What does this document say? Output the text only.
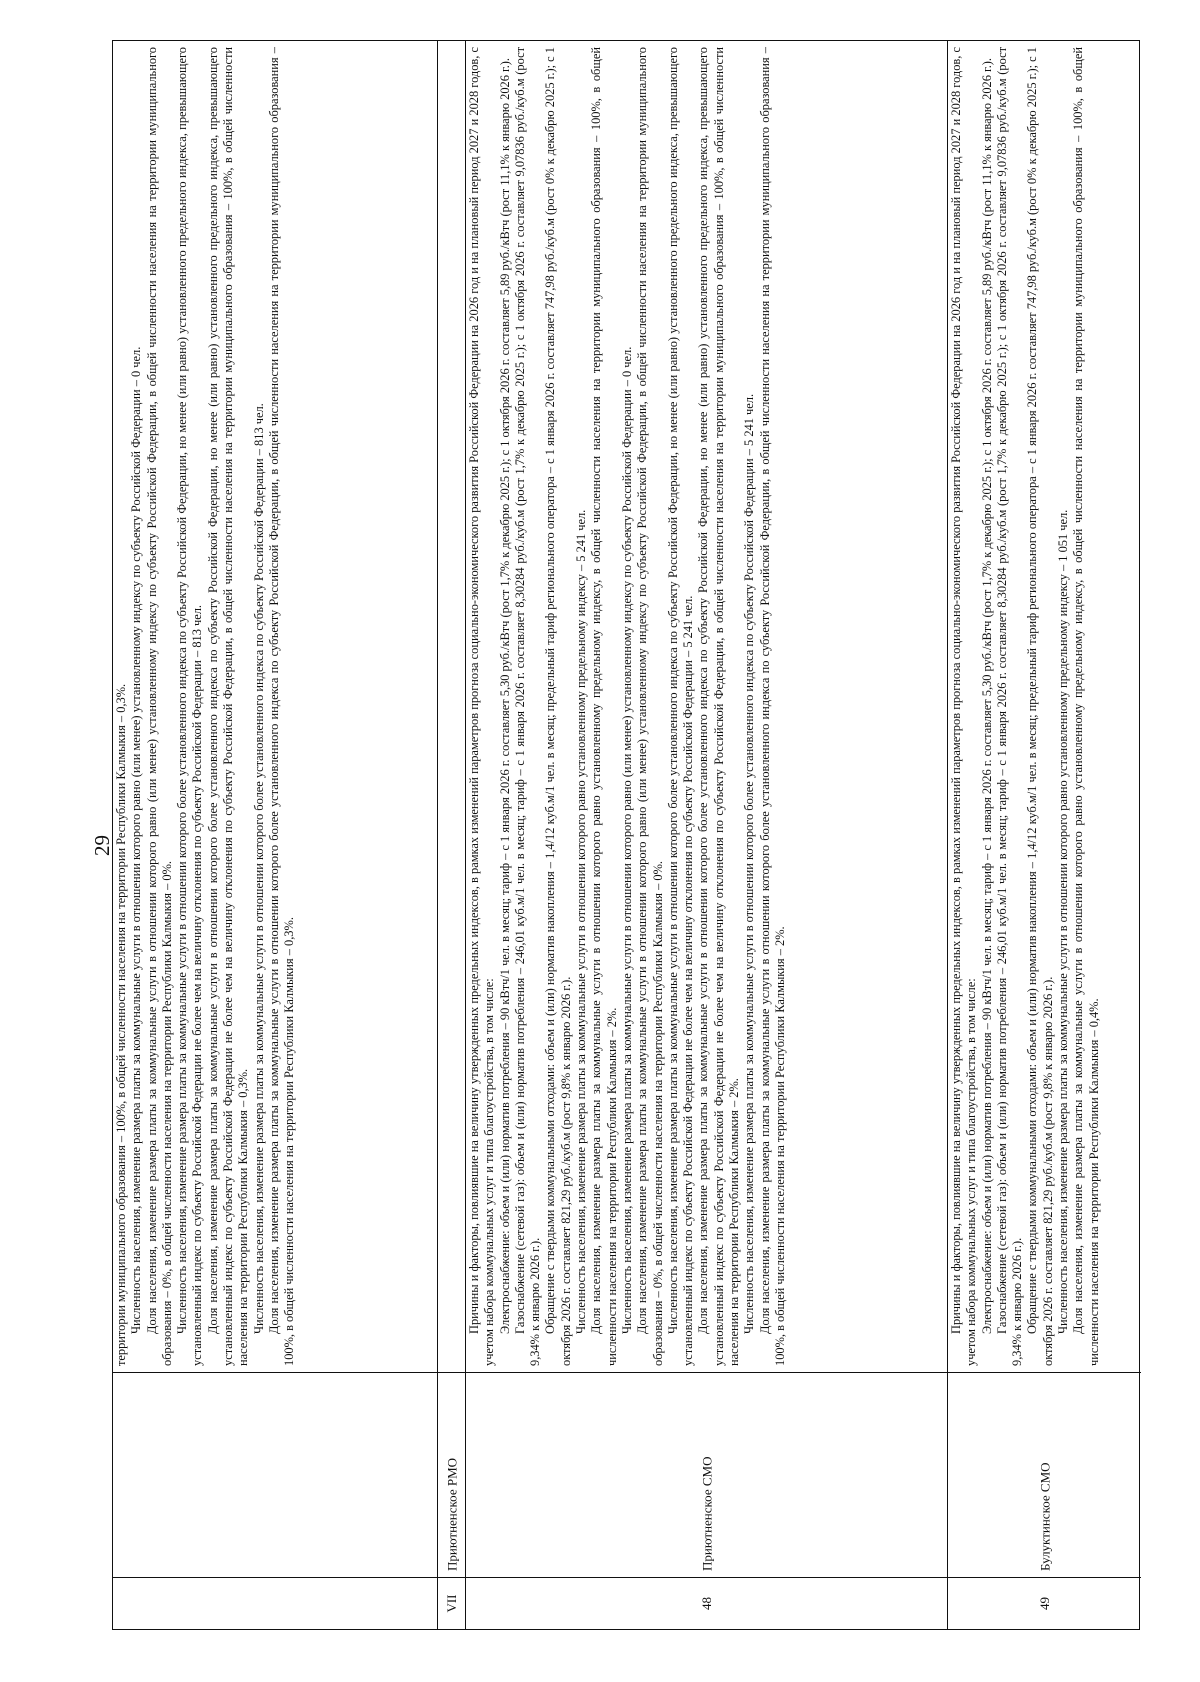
29 территории муниципального образования – 100%, в общей численности населения на территории Республики Калмыкия – 0,3%. Численность населения, изменение размера платы за коммунальные услуги в отношении которого равно (или менее) установленному индексу по субъекту Российской Федерации – 0 чел. Доля населения, изменение размера платы за коммунальные услуги в отношении которого равно (или менее) установленному индексу по субъекту Российской Федерации, в общей численности населения на территории муниципального образования – 0%, в общей численности населения на территории Республики Калмыкия – 0%. Численность населения, изменение размера платы за коммунальные услуги в отношении которого более установленного индекса по субъекту Российской Федерации, но менее (или равно) установленного предельного индекса, превышающего установленный индекс по субъекту Российской Федерации не более чем на величину отклонения по субъекту Российской Федерации – 813 чел. Доля населения, изменение размера платы за коммунальные услуги в отношении которого более установленного индекса по субъекту Российской Федерации, но менее (или равно) установленного предельного индекса, превышающего установленный индекс по субъекту Российской Федерации не более чем на величину отклонения по субъекту Российской Федерации, в общей численности населения на территории муниципального образования – 100%, в общей численности населения на территории Республики Калмыкия – 0,3%. Численность населения, изменение размера платы за коммунальные услуги в отношении которого более установленного индекса по субъекту Российской Федерации – 813 чел. Доля населения, изменение размера платы за коммунальные услуги в отношении которого более установленного индекса по субъекту Российской Федерации, в общей численности населения на территории муниципального образования – 100%, в общей численности населения на территории Республики Калмыкия – 0,3%.

VII
Приютненское РМО
48
Приютненское СМО

Причины и факторы, повлиявшие на величину утвержденных предельных индексов, в рамках изменений параметров прогноза социально-экономического развития Российской Федерации на 2026 год и на плановый период 2027 и 2028 годов, с учетом набора коммунальных услуг и типа благоустройства, в том числе: Электроснабжение: объем и (или) норматив потребления – 90 кВтч/1 чел. в месяц; тариф – с 1 января 2026 г. составляет 5,30 руб./кВтч (рост 1,7% к декабрю 2025 г.); с 1 октября 2026 г. составляет 5,89 руб./кВтч (рост 11,1% к январю 2026 г.). Газоснабжение (сетевой газ): объем и (или) норматив потребления – 246,01 куб.м/1 чел. в месяц; тариф – с 1 января 2026 г. составляет 8,30284 руб./куб.м (рост 1,7% к декабрю 2025 г.); с 1 октября 2026 г. составляет 9,07836 руб./куб.м (рост 9,34% к январю 2026 г.). Обращение с твердыми коммунальными отходами: объем и (или) норматив накопления – 1,4/12 куб.м/1 чел. в месяц; предельный тариф регионального оператора – с 1 января 2026 г. составляет 747,98 руб./куб.м (рост 0% к декабрю 2025 г.); с 1 октября 2026 г. составляет 821,29 руб./куб.м (рост 9,8% к январю 2026 г.). Численность населения, изменение размера платы за коммунальные услуги в отношении которого равно установленному предельному индексу – 5 241 чел. Доля населения, изменение размера платы за коммунальные услуги в отношении которого равно установленному предельному индексу, в общей численности населения на территории муниципального образования – 100%, в общей численности населения на территории Республики Калмыкия – 2%. Численность населения, изменение размера платы за коммунальные услуги в отношении которого равно (или менее) установленному индексу по субъекту Российской Федерации – 0 чел. Доля населения, изменение размера платы за коммунальные услуги в отношении которого равно (или менее) установленному индексу по субъекту Российской Федерации, в общей численности населения на территории муниципального образования – 0%, в общей численности населения на территории Республики Калмыкия – 0%. Численность населения, изменение размера платы за коммунальные услуги в отношении которого более установленного индекса по субъекту Российской Федерации, но менее (или равно) установленного предельного индекса, превышающего установленный индекс по субъекту Российской Федерации не более чем на величину отклонения по субъекту Российской Федерации – 5 241 чел. Доля населения, изменение размера платы за коммунальные услуги в отношении которого более установленного индекса по субъекту Российской Федерации, но менее (или равно) установленного предельного индекса, превышающего установленный индекс по субъекту Российской Федерации не более чем на величину отклонения по субъекту Российской Федерации, в общей численности населения на территории муниципального образования – 100%, в общей численности населения на территории Республики Калмыкия – 2%. Численность населения, изменение размера платы за коммунальные услуги в отношении которого более установленного индекса по субъекту Российской Федерации – 5 241 чел. Доля населения, изменение размера платы за коммунальные услуги в отношении которого более установленного индекса по субъекту Российской Федерации, в общей численности населения на территории муниципального образования – 100%, в общей численности населения на территории Республики Калмыкия – 2%.

49
Булуктинское СМО

Причины и факторы, повлиявшие на величину утвержденных предельных индексов, в рамках изменений параметров прогноза социально-экономического развития Российской Федерации на 2026 год и на плановый период 2027 и 2028 годов, с учетом набора коммунальных услуг и типа благоустройства, в том числе: Электроснабжение: объем и (или) норматив потребления – 90 кВтч/1 чел. в месяц; тариф – с 1 января 2026 г. составляет 5,30 руб./кВтч (рост 1,7% к декабрю 2025 г.); с 1 октября 2026 г. составляет 5,89 руб./кВтч (рост 11,1% к январю 2026 г.). Газоснабжение (сетевой газ): объем и (или) норматив потребления – 246,01 куб.м/1 чел. в месяц; тариф – с 1 января 2026 г. составляет 8,30284 руб./куб.м (рост 1,7% к декабрю 2025 г.); с 1 октября 2026 г. составляет 9,07836 руб./куб.м (рост 9,34% к январю 2026 г.). Обращение с твердыми коммунальными отходами: объем и (или) норматив накопления – 1,4/12 куб.м/1 чел. в месяц; предельный тариф регионального оператора – с 1 января 2026 г. составляет 747,98 руб./куб.м (рост 0% к декабрю 2025 г.); с 1 октября 2026 г. составляет 821,29 руб./куб.м (рост 9,8% к январю 2026 г.). Численность населения, изменение размера платы за коммунальные услуги в отношении которого равно установленному предельному индексу – 1 051 чел. Доля населения, изменение размера платы за коммунальные услуги в отношении которого равно установленному предельному индексу, в общей численности населения на территории муниципального образования – 100%, в общей численности населения на территории Республики Калмыкия – 0,4%.
